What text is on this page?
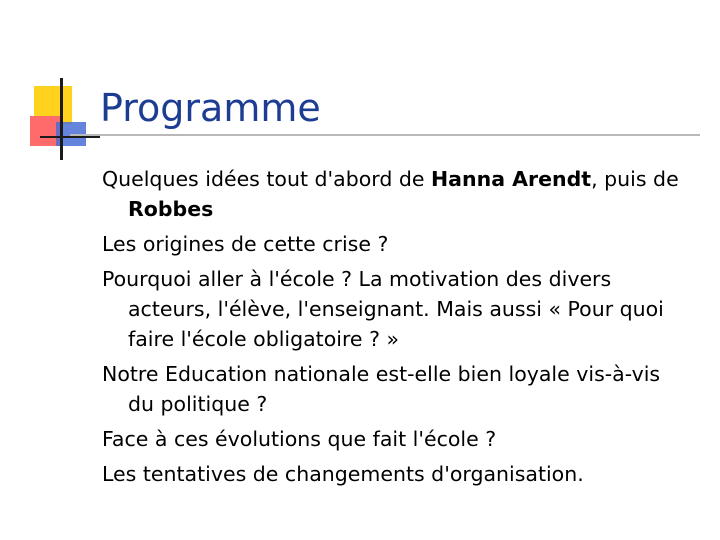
Programme
Quelques idées tout d'abord de Hanna Arendt, puis de Robbes
Les origines de cette crise ?
Pourquoi aller à l'école ? La motivation des divers acteurs, l'élève, l'enseignant. Mais aussi « Pour quoi faire l'école obligatoire ? »
Notre Education nationale est-elle bien loyale vis-à-vis du politique ?
Face à ces évolutions que fait l'école ?
Les tentatives de changements d'organisation.
